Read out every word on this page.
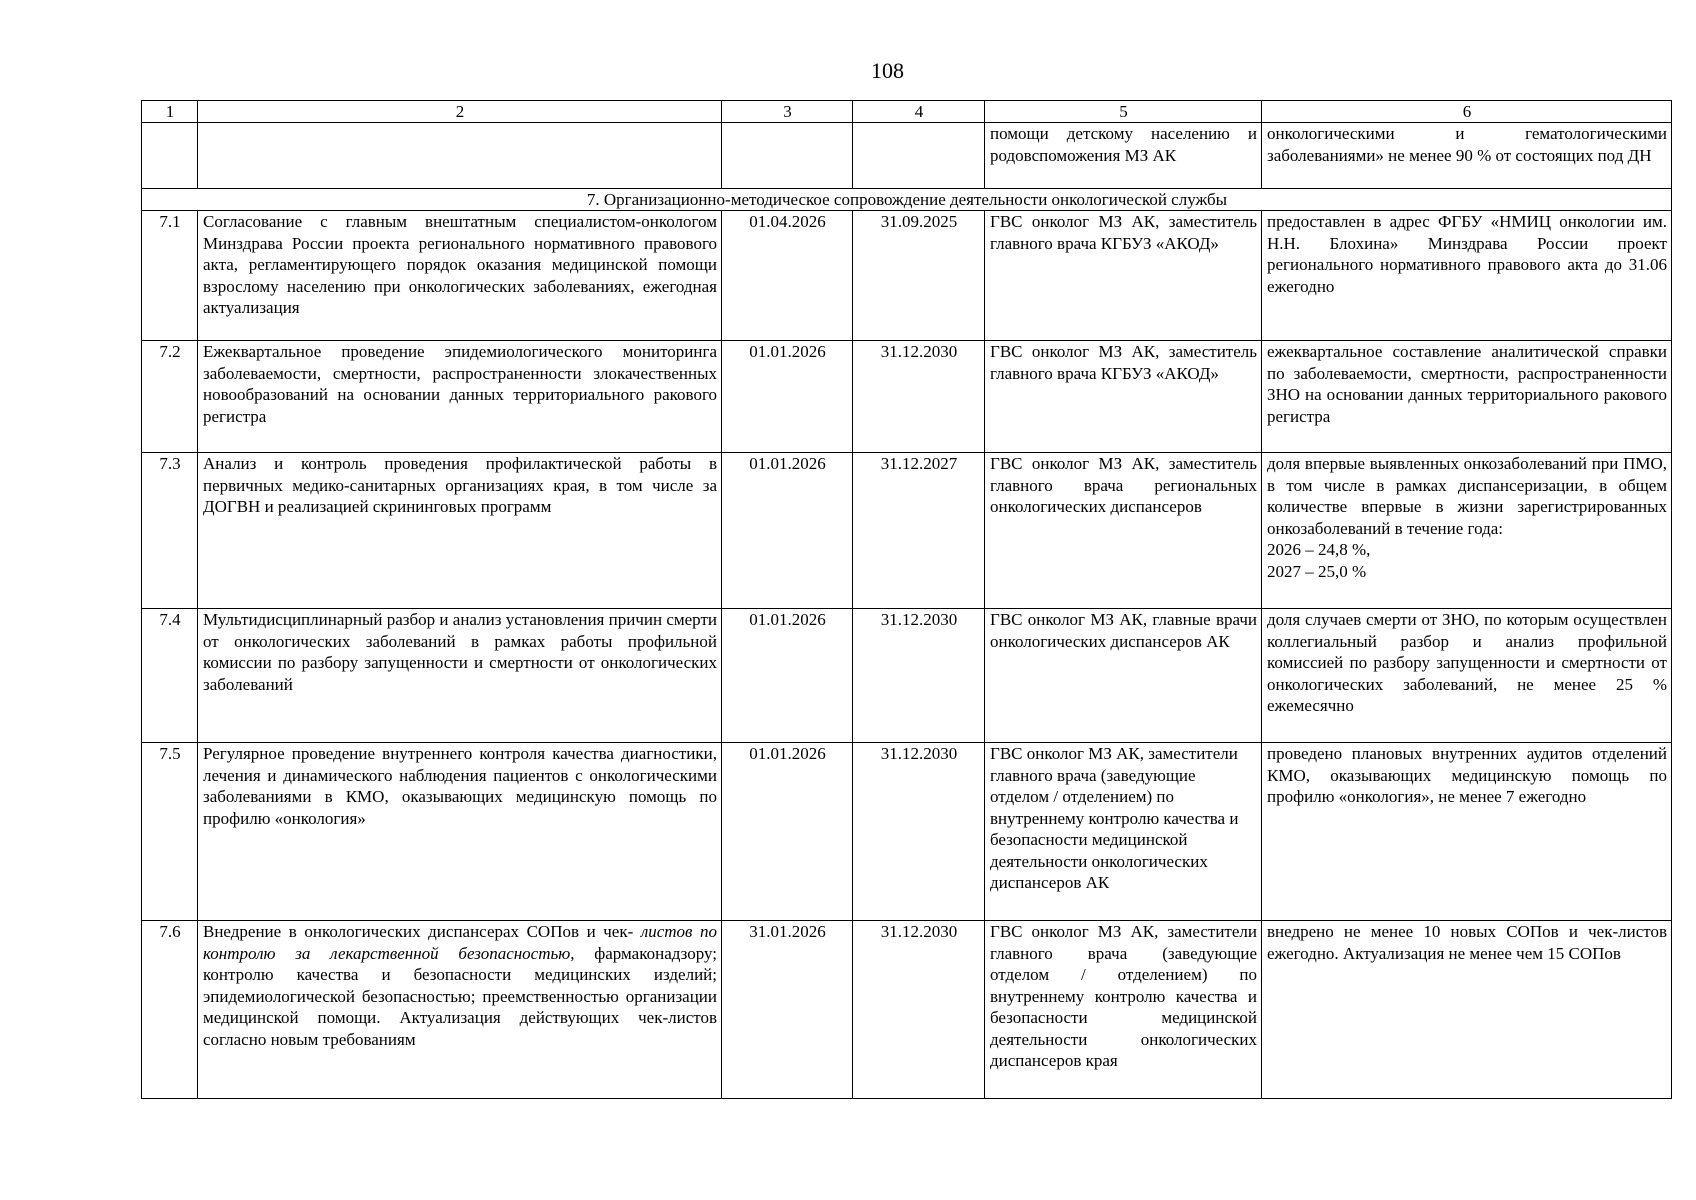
108
1	2	3	4	5	6
				помощи детскому населению и родовспоможения МЗ АК	онкологическими и гематологическими заболеваниями» не менее 90 % от состоящих под ДН
7. Организационно-методическое сопровождение деятельности онкологической службы					
7.1	Согласование с главным внештатным специалистом-онкологом Минздрава России проекта регионального нормативного правового акта, регламентирующего порядок оказания медицинской помощи взрослому населению при онкологических заболеваниях, ежегодная актуализация	01.04.2026	31.09.2025	ГВС онколог МЗ АК, заместитель главного врача КГБУЗ «АКОД»	предоставлен в адрес ФГБУ «НМИЦ онкологии им. Н.Н. Блохина» Минздрава России проект регионального нормативного правового акта до 31.06 ежегодно
7.2	Ежеквартальное проведение эпидемиологического мониторинга заболеваемости, смертности, распространенности злокачественных новообразований на основании данных территориального ракового регистра	01.01.2026	31.12.2030	ГВС онколог МЗ АК, заместитель главного врача КГБУЗ «АКОД»	ежеквартальное составление аналитической справки по заболеваемости, смертности, распространенности ЗНО на основании данных территориального ракового регистра
7.3	Анализ и контроль проведения профилактической работы в первичных медико-санитарных организациях края, в том числе за ДОГВН и реализацией скрининговых программ	01.01.2026	31.12.2027	ГВС онколог МЗ АК, заместитель главного врача региональных онкологических диспансеров	доля впервые выявленных онкозаболеваний при ПМО, в том числе в рамках диспансеризации, в общем количестве впервые в жизни зарегистрированных онкозаболеваний в течение года:
2026 – 24,8 %,
2027 – 25,0 %

7.4	Мультидисциплинарный разбор и анализ установления причин смерти от онкологических заболеваний в рамках работы профильной комиссии по разбору запущенности и смертности от онкологических заболеваний	01.01.2026	31.12.2030	ГВС онколог МЗ АК, главные врачи онкологических диспансеров АК	доля случаев смерти от ЗНО, по которым осуществлен коллегиальный разбор и анализ профильной комиссией по разбору запущенности и смертности от онкологических заболеваний, не менее 25 % ежемесячно
7.5	Регулярное проведение внутреннего контроля качества диагностики, лечения и динамического наблюдения пациентов с онкологическими заболеваниями в КМО, оказывающих медицинскую помощь по профилю «онкология»	01.01.2026	31.12.2030	ГВС онколог МЗ АК, заместители главного врача (заведующие отделом / отделением) по внутреннему контролю качества и безопасности медицинской деятельности онкологических диспансеров АК	проведено плановых внутренних аудитов отделений КМО, оказывающих медицинскую помощь по профилю «онкология», не менее 7 ежегодно
7.6	Внедрение в онкологических диспансерах СОПов и чек- листов по контролю за лекарственной безопасностью, фармаконадзору; контролю качества и безопасности медицинских изделий; эпидемиологической безопасностью; преемственностью организации медицинской помощи. Актуализация действующих чек-листов согласно новым требованиям	31.01.2026	31.12.2030	ГВС онколог МЗ АК, заместители главного врача (заведующие отделом / отделением) по внутреннему контролю качества и безопасности медицинской деятельности онкологических диспансеров края	внедрено не менее 10 новых СОПов и чек-листов ежегодно. Актуализация не менее чем 15 СОПов
